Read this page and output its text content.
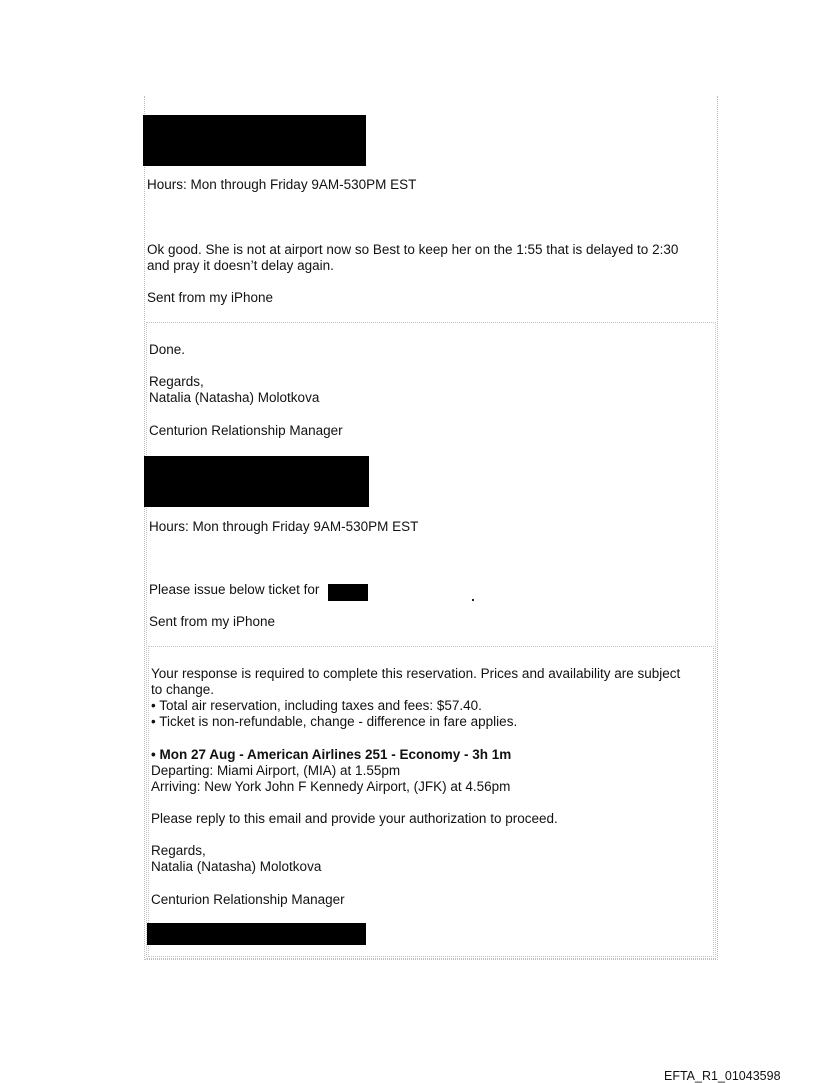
Hours: Mon through Friday 9AM-530PM EST

Ok good. She is not at airport now so Best to keep her on the 1:55 that is delayed to 2:30

and pray it doesn’t delay again.

Sent from my iPhone

Done.

Regards,

Natalia (Natasha) Molotkova

Centurion Relationship Manager

Hours: Mon through Friday 9AM-530PM EST

Please issue below ticket for

Sent from my iPhone

Your response is required to complete this reservation. Prices and availability are subject

to change.

• Total air reservation, including taxes and fees: $57.40.

• Ticket is non-refundable, change - difference in fare applies.

• Mon 27 Aug - American Airlines 251 - Economy - 3h 1m

Departing: Miami Airport, (MIA) at 1.55pm

Arriving: New York John F Kennedy Airport, (JFK) at 4.56pm

Please reply to this email and provide your authorization to proceed.

Regards,

Natalia (Natasha) Molotkova

Centurion Relationship Manager

EFTA_R1_01043598
